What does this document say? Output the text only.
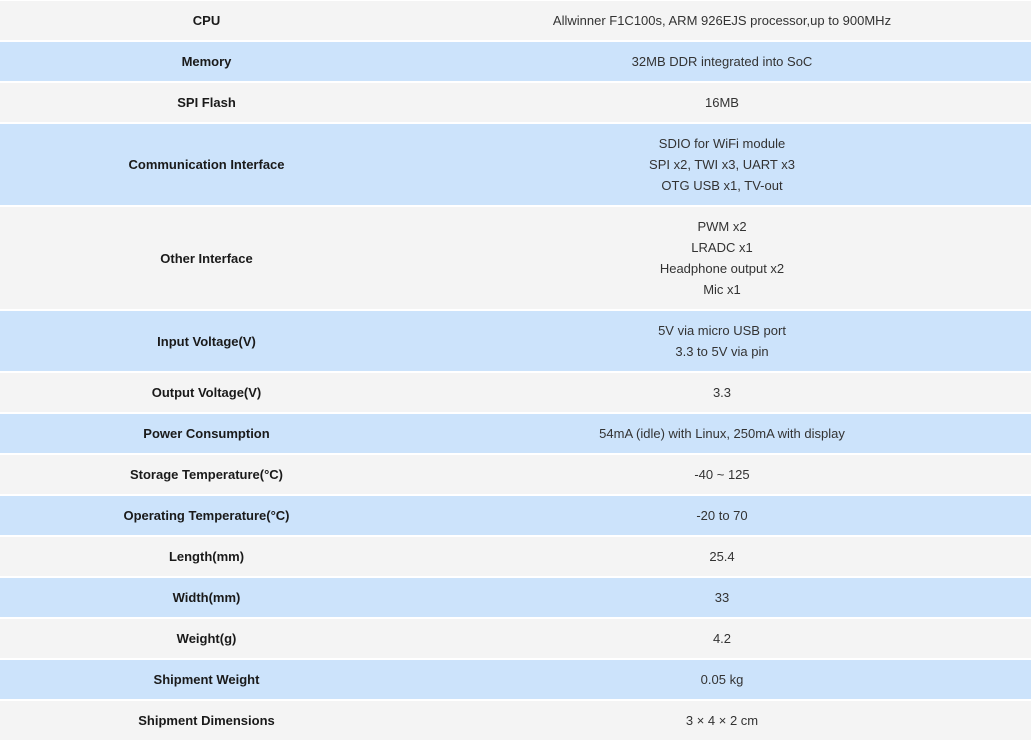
CPU	Allwinner F1C100s, ARM 926EJS processor,up to 900MHz

Memory	32MB DDR integrated into SoC

SPI Flash	16MB

Communication Interface	SDIO for WiFi module
SPI x2, TWI x3, UART x3
OTG USB x1, TV-out

Other Interface	PWM x2
LRADC x1
Headphone output x2
Mic x1

Input Voltage(V)	5V via micro USB port
3.3 to 5V via pin

Output Voltage(V)	3.3

Power Consumption	54mA (idle) with Linux, 250mA with display

Storage Temperature(°C)	-40 ~ 125

Operating Temperature(°C)	-20 to 70

Length(mm)	25.4

Width(mm)	33

Weight(g)	4.2

Shipment Weight	0.05 kg

Shipment Dimensions	3 × 4 × 2 cm
